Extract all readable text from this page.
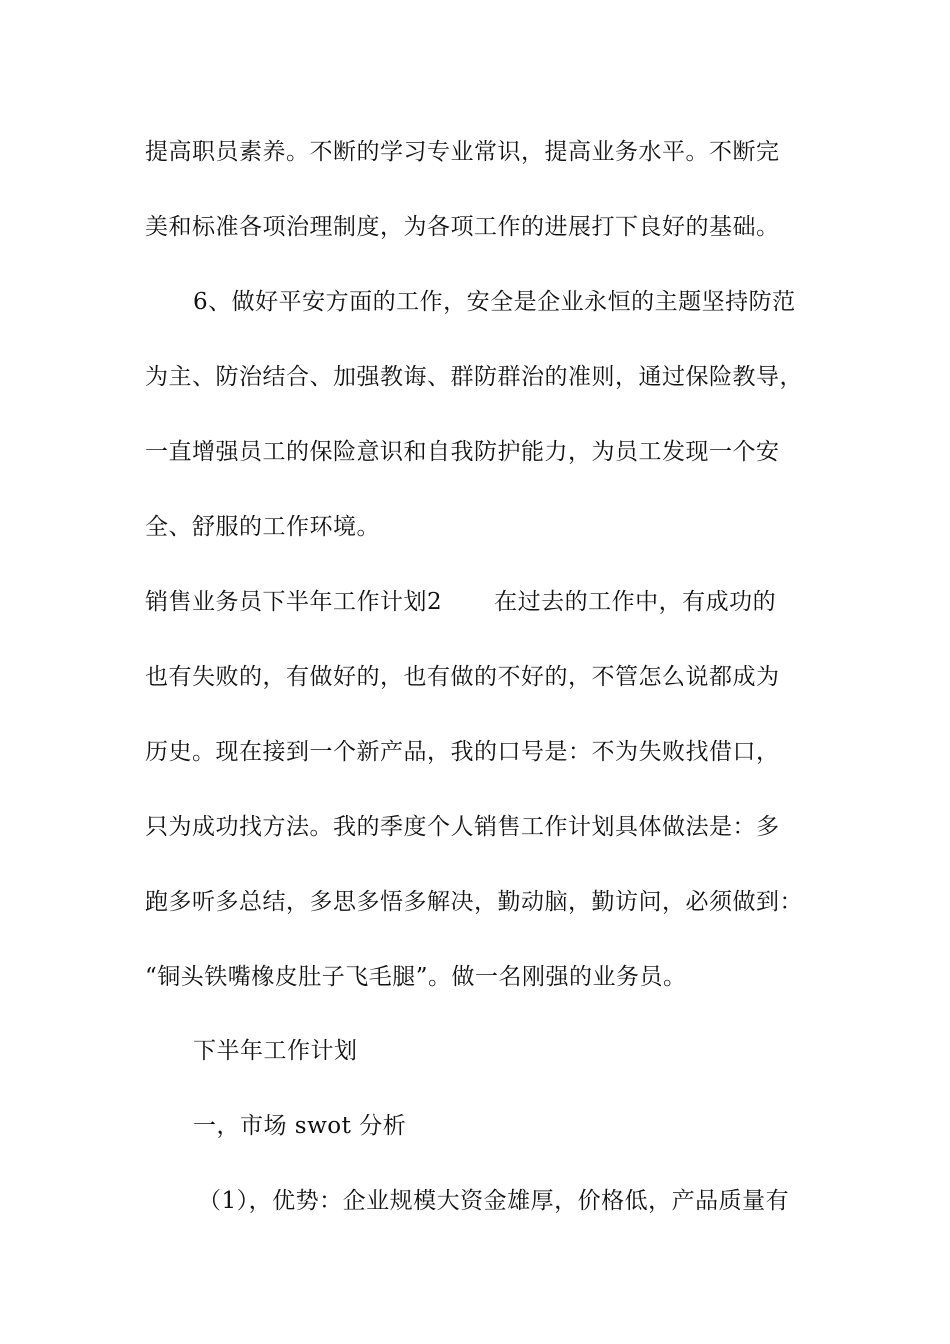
提高职员素养。不断的学习专业常识，提高业务水平。不断完
美和标准各项治理制度，为各项工作的进展打下良好的基础。
6、做好平安方面的工作，安全是企业永恒的主题坚持防范
为主、防治结合、加强教诲、群防群治的准则，通过保险教导，
一直增强员工的保险意识和自我防护能力，为员工发现一个安
全、舒服的工作环境。
销售业务员下半年工作计划2 在过去的工作中，有成功的
也有失败的，有做好的，也有做的不好的，不管怎么说都成为
历史。现在接到一个新产品，我的口号是：不为失败找借口，
只为成功找方法。我的季度个人销售工作计划具体做法是：多
跑多听多总结，多思多悟多解决，勤动脑，勤访问，必须做到：
“铜头铁嘴橡皮肚子飞毛腿”。做一名刚强的业务员。
下半年工作计划
一，市场 swot 分析
（1），优势：企业规模大资金雄厚，价格低，产品质量有
